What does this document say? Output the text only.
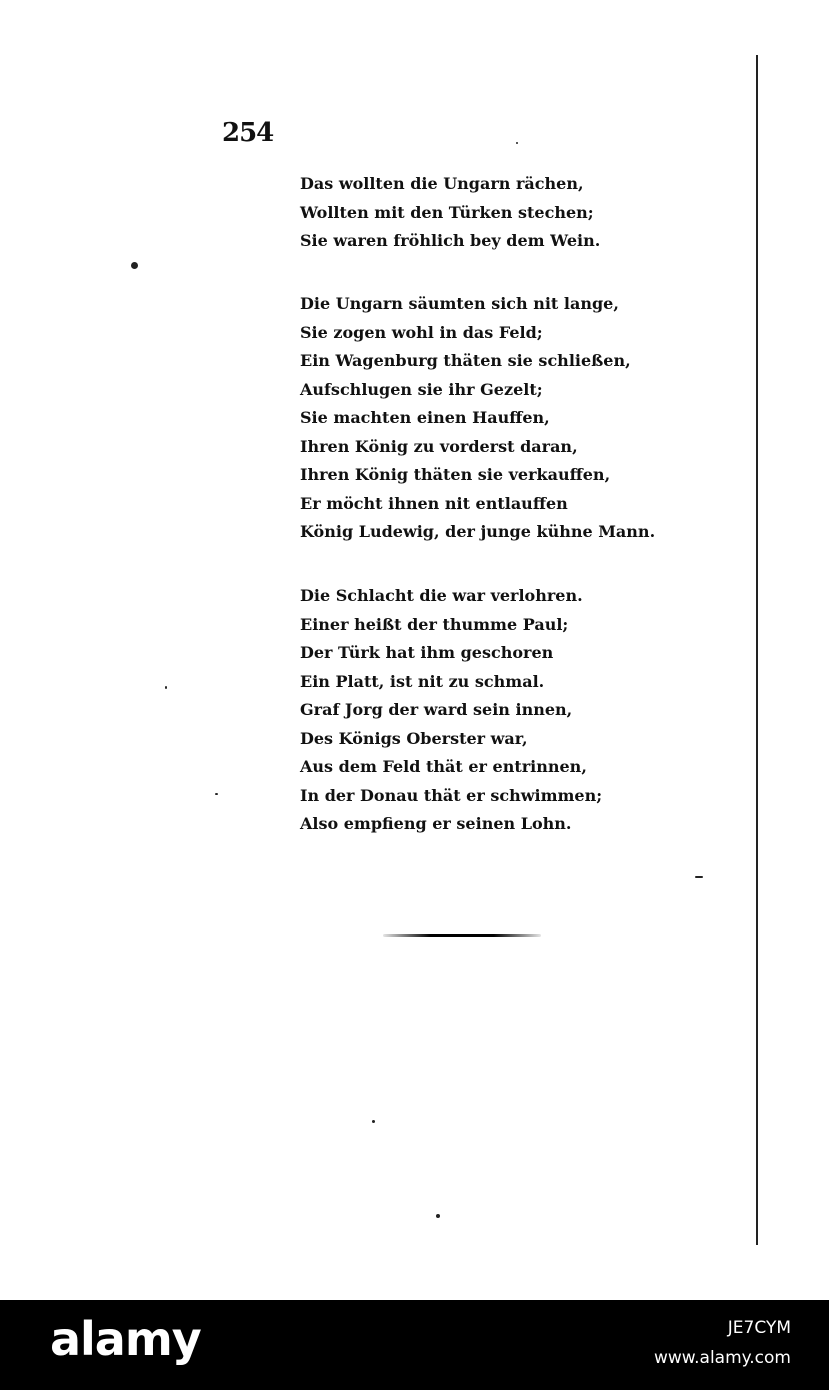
254
Das wollten die Ungarn rächen,
Wollten mit den Türken stechen;
Sie waren fröhlich bey dem Wein.
Die Ungarn säumten sich nit lange,
Sie zogen wohl in das Feld;
Ein Wagenburg thäten sie schließen,
Aufschlugen sie ihr Gezelt;
Sie machten einen Hauffen,
Ihren König zu vorderst daran,
Ihren König thäten sie verkauffen,
Er möcht ihnen nit entlauffen
König Ludewig, der junge kühne Mann.
Die Schlacht die war verlohren.
Einer heißt der thumme Paul;
Der Türk hat ihm geschoren
Ein Platt, ist nit zu schmal.
Graf Jorg der ward sein innen,
Des Königs Oberster war,
Aus dem Feld thät er entrinnen,
In der Donau thät er schwimmen;
Also empfieng er seinen Lohn.
alamy	JE7CYM
www.alamy.com
